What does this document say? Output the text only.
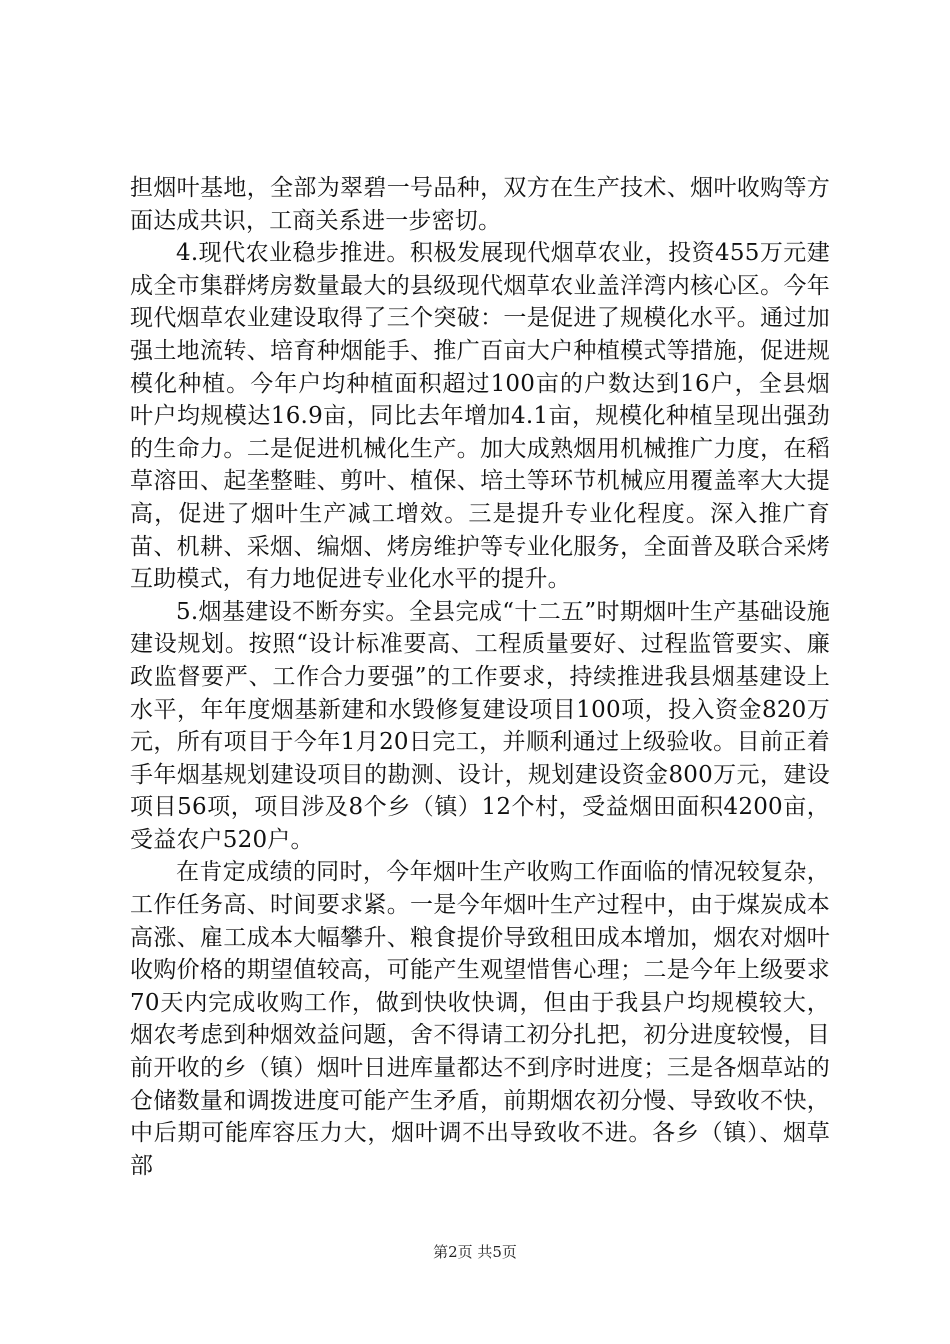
担烟叶基地，全部为翠碧一号品种，双方在生产技术、烟叶收购等方面达成共识，工商关系进一步密切。

4.现代农业稳步推进。积极发展现代烟草农业，投资455万元建成全市集群烤房数量最大的县级现代烟草农业盖洋湾内核心区。今年现代烟草农业建设取得了三个突破：一是促进了规模化水平。通过加强土地流转、培育种烟能手、推广百亩大户种植模式等措施，促进规模化种植。今年户均种植面积超过100亩的户数达到16户，全县烟叶户均规模达16.9亩，同比去年增加4.1亩，规模化种植呈现出强劲的生命力。二是促进机械化生产。加大成熟烟用机械推广力度，在稻草溶田、起垄整畦、剪叶、植保、培土等环节机械应用覆盖率大大提高，促进了烟叶生产减工增效。三是提升专业化程度。深入推广育苗、机耕、采烟、编烟、烤房维护等专业化服务，全面普及联合采烤互助模式，有力地促进专业化水平的提升。

5.烟基建设不断夯实。全县完成“十二五”时期烟叶生产基础设施建设规划。按照“设计标准要高、工程质量要好、过程监管要实、廉政监督要严、工作合力要强”的工作要求，持续推进我县烟基建设上水平，年年度烟基新建和水毁修复建设项目100项，投入资金820万元，所有项目于今年1月20日完工，并顺利通过上级验收。目前正着手年烟基规划建设项目的勘测、设计，规划建设资金800万元，建设项目56项，项目涉及8个乡（镇）12个村，受益烟田面积4200亩，受益农户520户。

在肯定成绩的同时，今年烟叶生产收购工作面临的情况较复杂，工作任务高、时间要求紧。一是今年烟叶生产过程中，由于煤炭成本高涨、雇工成本大幅攀升、粮食提价导致租田成本增加，烟农对烟叶收购价格的期望值较高，可能产生观望惜售心理；二是今年上级要求70天内完成收购工作，做到快收快调，但由于我县户均规模较大，烟农考虑到种烟效益问题，舍不得请工初分扎把，初分进度较慢，目前开收的乡（镇）烟叶日进库量都达不到序时进度；三是各烟草站的仓储数量和调拨进度可能产生矛盾，前期烟农初分慢、导致收不快，中后期可能库容压力大，烟叶调不出导致收不进。各乡（镇）、烟草部

第2页 共5页
